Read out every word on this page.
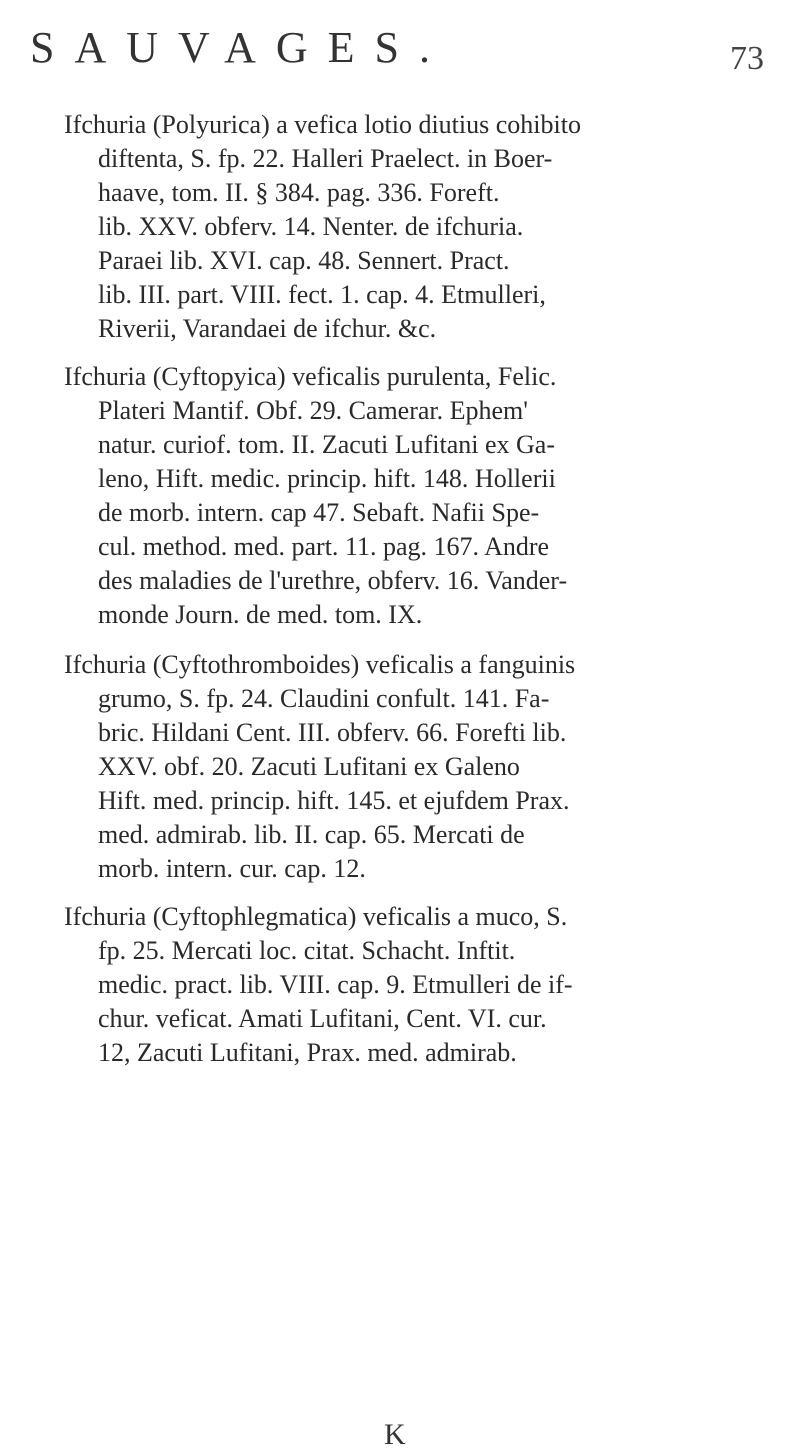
SAUVAGES.	73
Ifchuria (Polyurica) a vefica lotio diutius cohibito
diftenta, S. fp. 22. Halleri Praelect. in Boer-
haave, tom. II. § 384. pag. 336. Foreft.
lib. XXV. obferv. 14. Nenter. de ifchuria.
Paraei lib. XVI. cap. 48. Sennert. Pract.
lib. III. part. VIII. fect. 1. cap. 4. Etmulleri,
Riverii, Varandaei de ifchur. &c.
Ifchuria (Cyftopyica) veficalis purulenta, Felic.
Plateri Mantif. Obf. 29. Camerar. Ephem'
natur. curiof. tom. II. Zacuti Lufitani ex Ga-
leno, Hift. medic. princip. hift. 148. Hollerii
de morb. intern. cap 47. Sebaft. Nafii Spe-
cul. method. med. part. 11. pag. 167. Andre
des maladies de l'urethre, obferv. 16. Vander-
monde Journ. de med. tom. IX.
Ifchuria (Cyftothromboides) veficalis a fanguinis
grumo, S. fp. 24. Claudini confult. 141. Fa-
bric. Hildani Cent. III. obferv. 66. Forefti lib.
XXV. obf. 20. Zacuti Lufitani ex Galeno
Hift. med. princip. hift. 145. et ejufdem Prax.
med. admirab. lib. II. cap. 65. Mercati de
morb. intern. cur. cap. 12.
Ifchuria (Cyftophlegmatica) veficalis a muco, S.
fp. 25. Mercati loc. citat. Schacht. Inftit.
medic. pract. lib. VIII. cap. 9. Etmulleri de if-
chur. veficat. Amati Lufitani, Cent. VI. cur.
12, Zacuti Lufitani, Prax. med. admirab.
K
